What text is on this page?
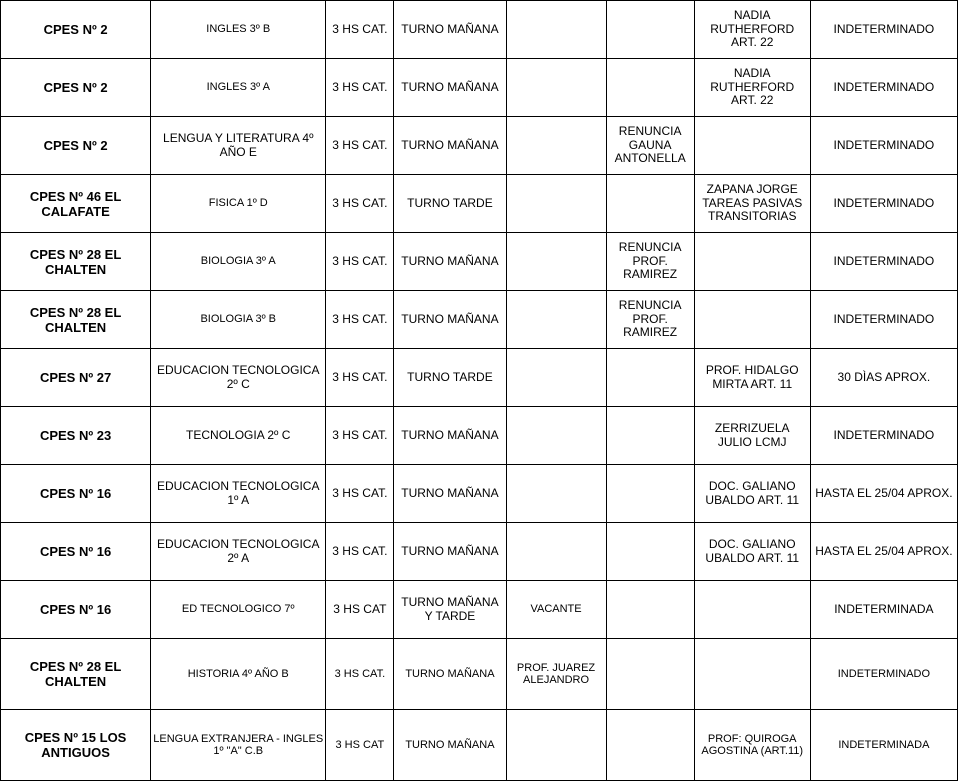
CPES Nº 2	INGLES 3º B	3 HS CAT.	TURNO MAÑANA			NADIA RUTHERFORD ART. 22	INDETERMINADO
CPES Nº 2	INGLES 3º A	3 HS CAT.	TURNO MAÑANA			NADIA RUTHERFORD ART. 22	INDETERMINADO
CPES Nº 2	LENGUA Y LITERATURA 4º AÑO E	3 HS CAT.	TURNO MAÑANA		RENUNCIA GAUNA ANTONELLA		INDETERMINADO
CPES Nº 46 EL CALAFATE	FISICA 1º D	3 HS CAT.	TURNO TARDE			ZAPANA JORGE TAREAS PASIVAS TRANSITORIAS	INDETERMINADO
CPES Nº 28 EL CHALTEN	BIOLOGIA 3º A	3 HS CAT.	TURNO MAÑANA		RENUNCIA PROF. RAMIREZ		INDETERMINADO
CPES Nº 28 EL CHALTEN	BIOLOGIA 3º B	3 HS CAT.	TURNO MAÑANA		RENUNCIA PROF. RAMIREZ		INDETERMINADO
CPES Nº 27	EDUCACION TECNOLOGICA 2º C	3 HS CAT.	TURNO TARDE			PROF. HIDALGO MIRTA ART. 11	30 DÌAS APROX.
CPES Nº 23	TECNOLOGIA 2º C	3 HS CAT.	TURNO MAÑANA			ZERRIZUELA JULIO LCMJ	INDETERMINADO
CPES Nº 16	EDUCACION TECNOLOGICA 1º A	3 HS CAT.	TURNO MAÑANA			DOC. GALIANO UBALDO ART. 11	HASTA EL 25/04 APROX.
CPES Nº 16	EDUCACION TECNOLOGICA 2º A	3 HS CAT.	TURNO MAÑANA			DOC. GALIANO UBALDO ART. 11	HASTA EL 25/04 APROX.
CPES Nº 16	ED TECNOLOGICO 7º	3 HS CAT	TURNO MAÑANA Y TARDE	VACANTE			INDETERMINADA
CPES Nº 28 EL CHALTEN	HISTORIA 4º AÑO B	3 HS CAT.	TURNO MAÑANA	PROF. JUAREZ ALEJANDRO			INDETERMINADO
CPES Nº 15 LOS ANTIGUOS	LENGUA EXTRANJERA - INGLES 1º "A" C.B	3 HS CAT	TURNO MAÑANA			PROF: QUIROGA AGOSTINA (ART.11)	INDETERMINADA
